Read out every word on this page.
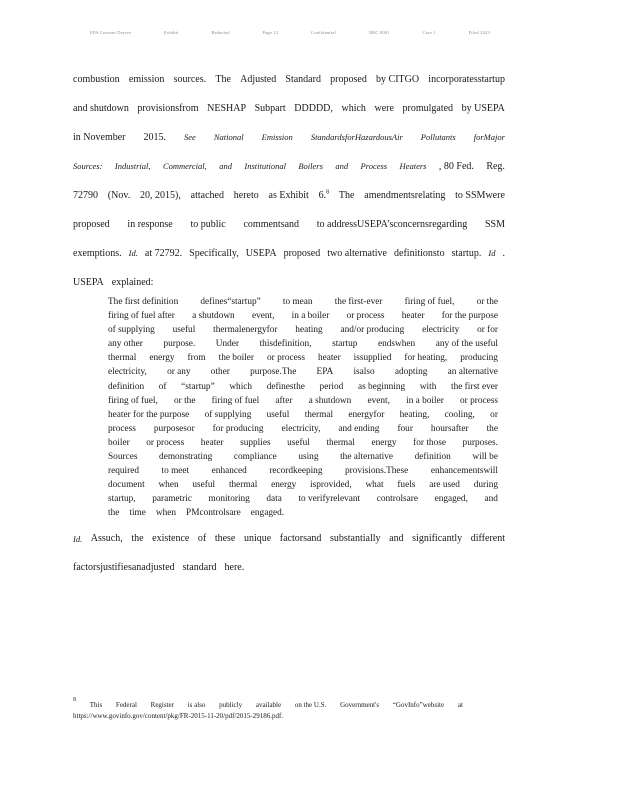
EPA Consent Decree	Exhibit	Redacted	Page 12	Confidential	NRC 0001	Case 1	Filed 2023
combustion emission sources. The Adjusted Standard proposed by CITGO incorporatesstartup
and shutdown provisionsfrom NESHAP Subpart DDDDD, which were promulgated by USEPA
in November 2015. See National Emission StandardsforHazardousAir Pollutants forMajor
Sources: Industrial, Commercial, and Institutional Boilers and Process Heaters , 80 Fed. Reg.
72790 (Nov. 20, 2015), attached hereto as Exhibit 6.$^8$ The amendmentsrelating to SSMwere
proposed in response to public commentsand to addressUSEPA’sconcernsregarding SSM
exemptions. Id. at 72792. Specifically, USEPA proposed two alternative definitionsto startup. Id .
USEPA explained:
The first definition defines“startup” to mean the first-ever firing of fuel, or the
firing of fuel after a shutdown event, in a boiler or process heater for the purpose
of supplying useful thermalenergyfor heating and/or producing electricity or for
any other purpose. Under thisdefinition, startup endswhen any of the useful
thermal energy from the boiler or process heater issupplied for heating, producing
electricity, or any other purpose.The EPA isalso adopting an alternative
definition of “startup” which definesthe period as beginning with the first ever
firing of fuel, or the firing of fuel after a shutdown event, in a boiler or process
heater for the purpose of supplying useful thermal energyfor heating, cooling, or
process purposesor for producing electricity, and ending four hoursafter the
boiler or process heater supplies useful thermal energy for those purposes.
Sources demonstrating compliance using the alternative definition will be
required to meet enhanced recordkeeping provisions.These enhancementswill
document when useful thermal energy isprovided, what fuels are used during
startup, parametric monitoring data to verifyrelevant controlsare engaged, and
the time when PMcontrolsare engaged.
Id. Assuch, the existence of these unique factorsand substantially and significantly different
factorsjustifiesanadjusted standard here.
8
This Federal Register is also publicly available on the U.S. Government's “GovInfo”website at
https://www.govinfo.gov/content/pkg/FR-2015-11-20/pdf/2015-29186.pdf.
